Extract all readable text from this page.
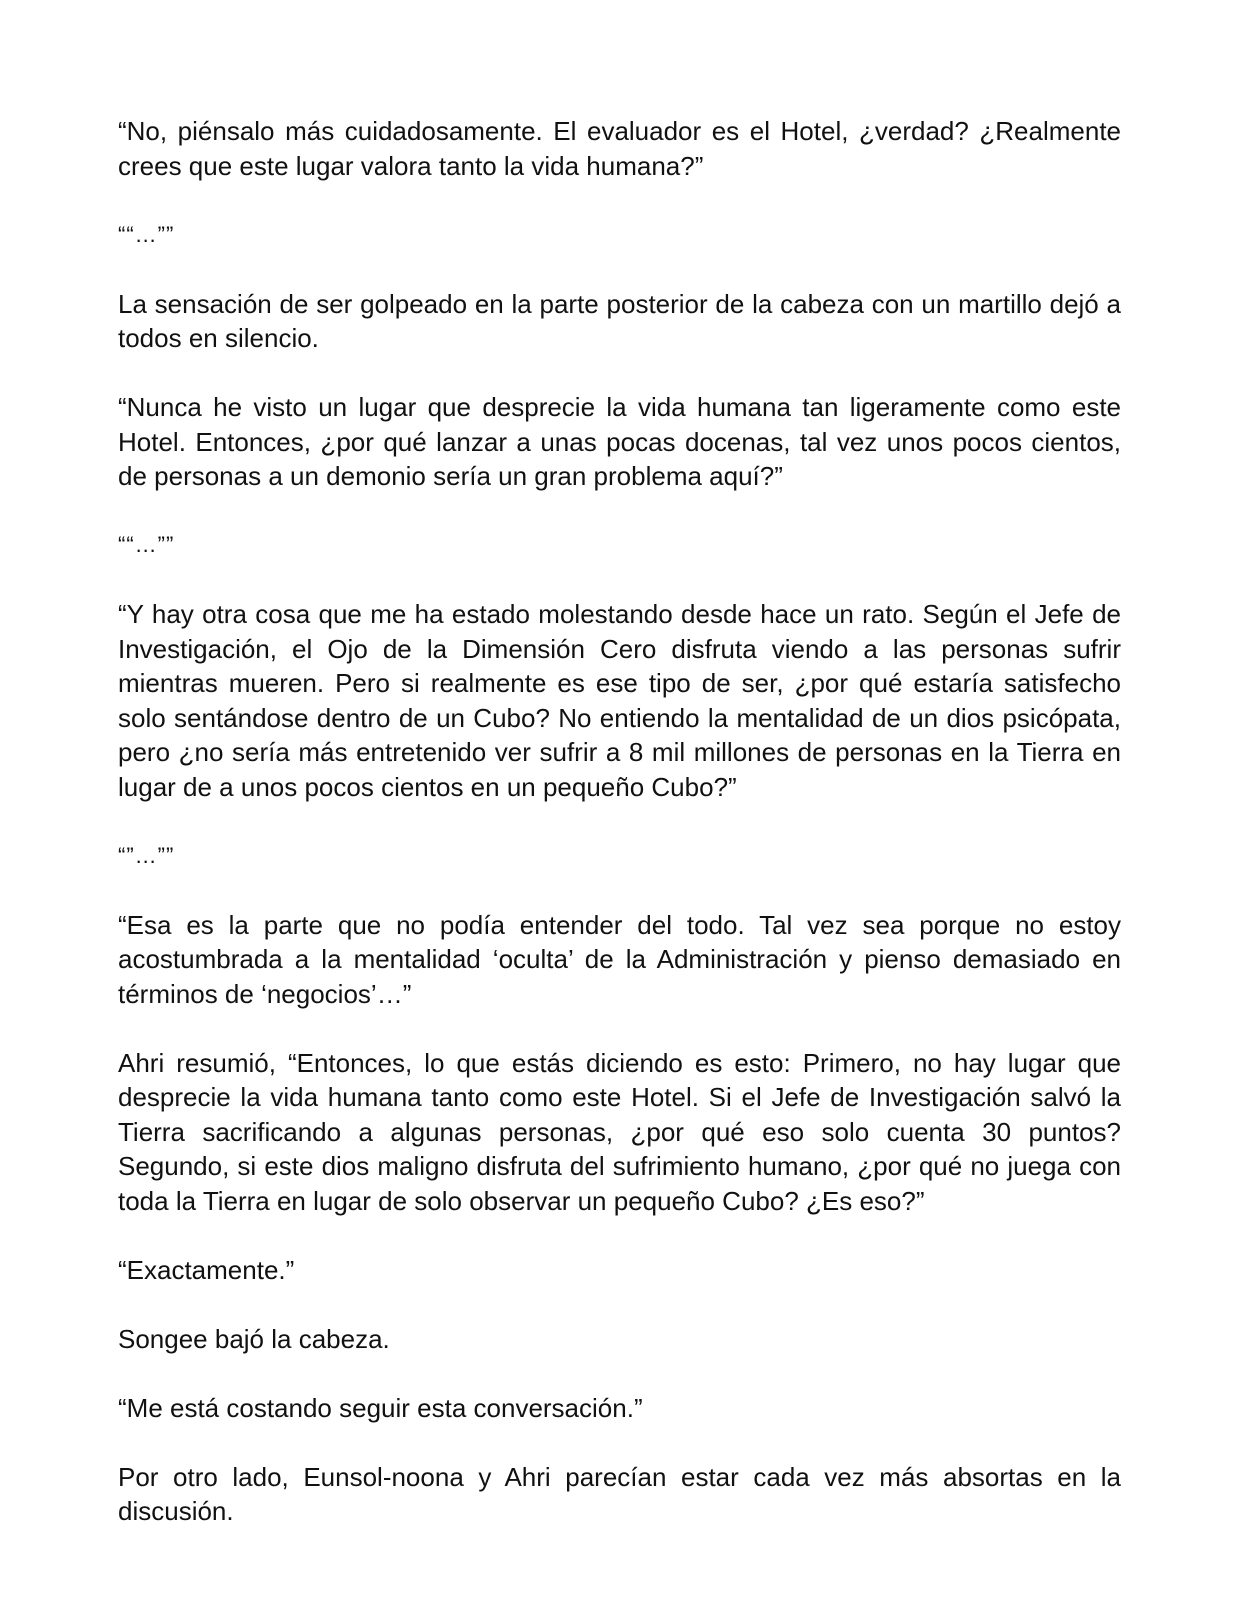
“No, piénsalo más cuidadosamente. El evaluador es el Hotel, ¿verdad? ¿Realmente crees que este lugar valora tanto la vida humana?”

““…””

La sensación de ser golpeado en la parte posterior de la cabeza con un martillo dejó a todos en silencio.

“Nunca he visto un lugar que desprecie la vida humana tan ligeramente como este Hotel. Entonces, ¿por qué lanzar a unas pocas docenas, tal vez unos pocos cientos, de personas a un demonio sería un gran problema aquí?”

““…””

“Y hay otra cosa que me ha estado molestando desde hace un rato. Según el Jefe de Investigación, el Ojo de la Dimensión Cero disfruta viendo a las personas sufrir mientras mueren. Pero si realmente es ese tipo de ser, ¿por qué estaría satisfecho solo sentándose dentro de un Cubo? No entiendo la mentalidad de un dios psicópata, pero ¿no sería más entretenido ver sufrir a 8 mil millones de personas en la Tierra en lugar de a unos pocos cientos en un pequeño Cubo?”

“”…””

“Esa es la parte que no podía entender del todo. Tal vez sea porque no estoy acostumbrada a la mentalidad ‘oculta’ de la Administración y pienso demasiado en términos de ‘negocios’…”

Ahri resumió, “Entonces, lo que estás diciendo es esto: Primero, no hay lugar que desprecie la vida humana tanto como este Hotel. Si el Jefe de Investigación salvó la Tierra sacrificando a algunas personas, ¿por qué eso solo cuenta 30 puntos? Segundo, si este dios maligno disfruta del sufrimiento humano, ¿por qué no juega con toda la Tierra en lugar de solo observar un pequeño Cubo? ¿Es eso?”

“Exactamente.”

Songee bajó la cabeza.

“Me está costando seguir esta conversación.”

Por otro lado, Eunsol-noona y Ahri parecían estar cada vez más absortas en la discusión.
